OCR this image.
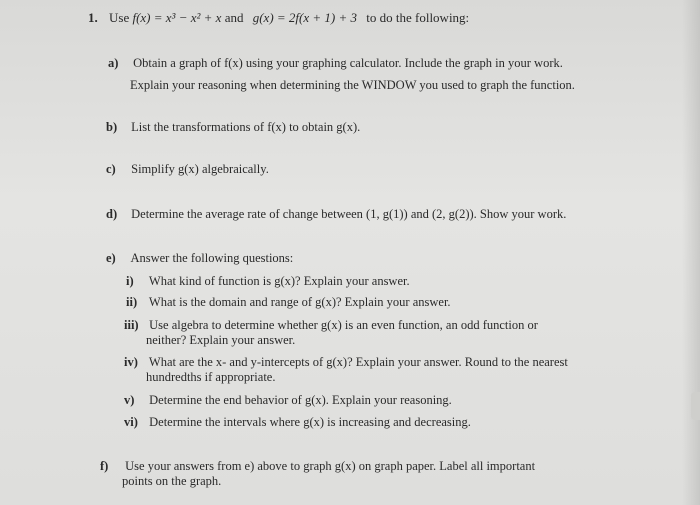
1. Use f(x) = x³ − x² + x and g(x) = 2f(x + 1) + 3 to do the following:
a) Obtain a graph of f(x) using your graphing calculator. Include the graph in your work.
Explain your reasoning when determining the WINDOW you used to graph the function.
b) List the transformations of f(x) to obtain g(x).
c) Simplify g(x) algebraically.
d) Determine the average rate of change between (1, g(1)) and (2, g(2)). Show your work.
e) Answer the following questions:
i) What kind of function is g(x)? Explain your answer.
ii) What is the domain and range of g(x)? Explain your answer.
iii) Use algebra to determine whether g(x) is an even function, an odd function or
neither? Explain your answer.
iv) What are the x- and y-intercepts of g(x)? Explain your answer. Round to the nearest
hundredths if appropriate.
v) Determine the end behavior of g(x). Explain your reasoning.
vi) Determine the intervals where g(x) is increasing and decreasing.
f) Use your answers from e) above to graph g(x) on graph paper. Label all important
points on the graph.
